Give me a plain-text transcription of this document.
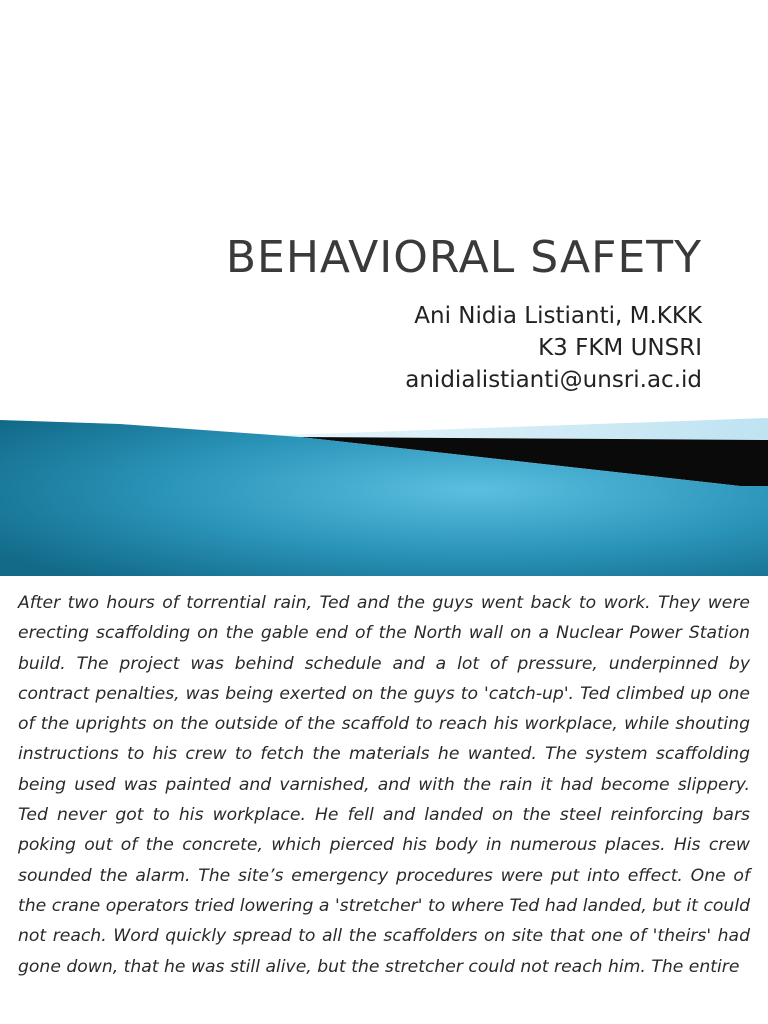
BEHAVIORAL SAFETY
Ani Nidia Listianti, M.KKK
K3 FKM UNSRI
anidialistianti@unsri.ac.id

After two hours of torrential rain, Ted and the guys went back to work. They were erecting scaffolding on the gable end of the North wall on a Nuclear Power Station build. The project was behind schedule and a lot of pressure, underpinned by contract penalties, was being exerted on the guys to 'catch-up'. Ted climbed up one of the uprights on the outside of the scaffold to reach his workplace, while shouting instructions to his crew to fetch the materials he wanted. The system scaffolding being used was painted and varnished, and with the rain it had become slippery. Ted never got to his workplace. He fell and landed on the steel reinforcing bars poking out of the concrete, which pierced his body in numerous places. His crew sounded the alarm. The site’s emergency procedures were put into effect. One of the crane operators tried lowering a 'stretcher' to where Ted had landed, but it could not reach. Word quickly spread to all the scaffolders on site that one of 'theirs' had gone down, that he was still alive, but the stretcher could not reach him. The entire
